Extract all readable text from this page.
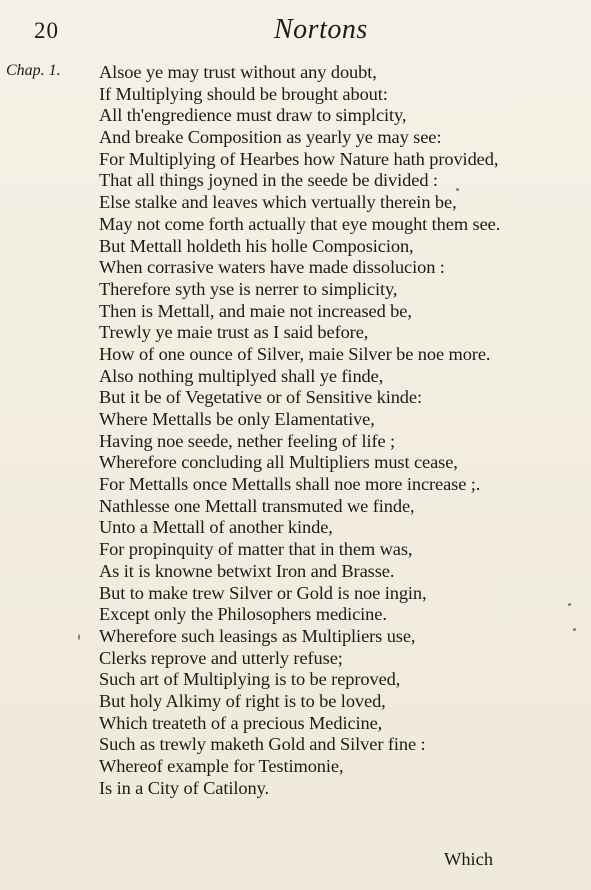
20	Nortons
Chap. 1. Alsoe ye may trust without any doubt,
If Multiplying should be brought about:
All th'engredience must draw to simplcity,
And breake Composition as yearly ye may see:
For Multiplying of Hearbes how Nature hath provided,
That all things joyned in the seede be divided :
Else stalke and leaves which vertually therein be,
May not come forth actually that eye mought them see.
But Mettall holdeth his holle Composicion,
When corrasive waters have made dissolucion :
Therefore syth yse is nerrer to simplicity,
Then is Mettall, and maie not increased be,
Trewly ye maie trust as I said before,
How of one ounce of Silver, maie Silver be noe more.
Also nothing multiplyed shall ye finde,
But it be of Vegetative or of Sensitive kinde:
Where Mettalls be only Elamentative,
Having noe seede, nether feeling of life ;
Wherefore concluding all Multipliers must cease,
For Mettalls once Mettalls shall noe more increase ;.
Nathlesse one Mettall transmuted we finde,
Unto a Mettall of another kinde,
For propinquity of matter that in them was,
As it is knowne betwixt Iron and Brasse.
But to make trew Silver or Gold is noe ingin,
Except only the Philosophers medicine.
Wherefore such leasings as Multipliers use,
Clerks reprove and utterly refuse;
Such art of Multiplying is to be reproved,
But holy Alkimy of right is to be loved,
Which treateth of a precious Medicine,
Such as trewly maketh Gold and Silver fine :
Whereof example for Testimonie,
Is in a City of Catilony.
Which
